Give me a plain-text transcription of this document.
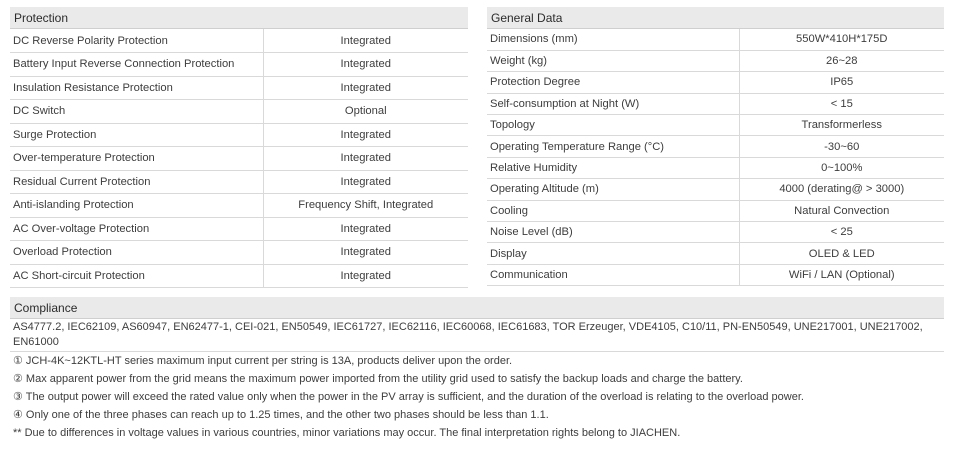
Protection
DC Reverse Polarity Protection	Integrated
Battery Input Reverse Connection Protection	Integrated
Insulation Resistance Protection	Integrated
DC Switch	Optional
Surge Protection	Integrated
Over-temperature Protection	Integrated
Residual Current Protection	Integrated
Anti-islanding Protection	Frequency Shift, Integrated
AC Over-voltage Protection	Integrated
Overload Protection	Integrated
AC Short-circuit Protection	Integrated
General Data
Dimensions (mm)	550W*410H*175D
Weight (kg)	26~28
Protection Degree	IP65
Self-consumption at Night (W)	< 15
Topology	Transformerless
Operating Temperature Range (°C)	-30~60
Relative Humidity	0~100%
Operating Altitude (m)	4000 (derating@ > 3000)
Cooling	Natural Convection
Noise Level (dB)	< 25
Display	OLED & LED
Communication	WiFi / LAN (Optional)
Compliance
AS4777.2, IEC62109, AS60947, EN62477-1, CEI-021, EN50549, IEC61727, IEC62116, IEC60068, IEC61683, TOR Erzeuger, VDE4105, C10/11, PN-EN50549, UNE217001, UNE217002, EN61000
① JCH-4K~12KTL-HT series maximum input current per string is 13A, products deliver upon the order.
② Max apparent power from the grid means the maximum power imported from the utility grid used to satisfy the backup loads and charge the battery.
③ The output power will exceed the rated value only when the power in the PV array is sufficient, and the duration of the overload is relating to the overload power.
④ Only one of the three phases can reach up to 1.25 times, and the other two phases should be less than 1.1.
** Due to differences in voltage values in various countries, minor variations may occur. The final interpretation rights belong to JIACHEN.
